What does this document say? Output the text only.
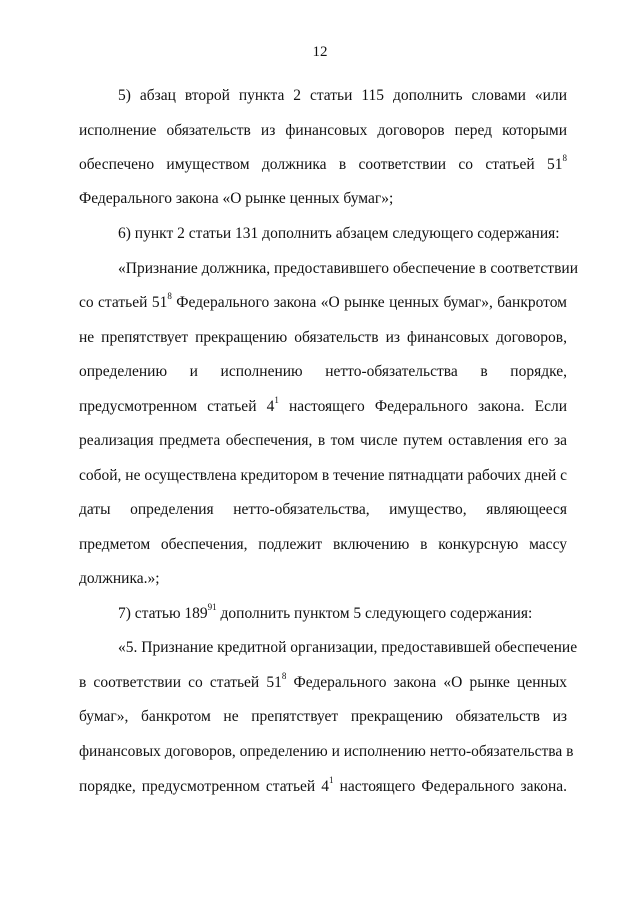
12
5) абзац второй пункта 2 статьи 115 дополнить словами «или
исполнение обязательств из финансовых договоров перед которыми
обеспечено имуществом должника в соответствии со статьей $51^8$
Федерального закона «О рынке ценных бумаг»;
6) пункт 2 статьи 131 дополнить абзацем следующего содержания:
«Признание должника, предоставившего обеспечение в соответствии
со статьей $51^8$ Федерального закона «О рынке ценных бумаг», банкротом
не препятствует прекращению обязательств из финансовых договоров,
определению и исполнению нетто-обязательства в порядке,
предусмотренном статьей $4^1$ настоящего Федерального закона. Если
реализация предмета обеспечения, в том числе путем оставления его за
собой, не осуществлена кредитором в течение пятнадцати рабочих дней с
даты определения нетто-обязательства, имущество, являющееся
предметом обеспечения, подлежит включению в конкурсную массу
должника.»;
7) статью $189^{91}$ дополнить пунктом 5 следующего содержания:
«5. Признание кредитной организации, предоставившей обеспечение
в соответствии со статьей $51^8$ Федерального закона «О рынке ценных
бумаг», банкротом не препятствует прекращению обязательств из
финансовых договоров, определению и исполнению нетто-обязательства в
порядке, предусмотренном статьей $4^1$ настоящего Федерального закона.
